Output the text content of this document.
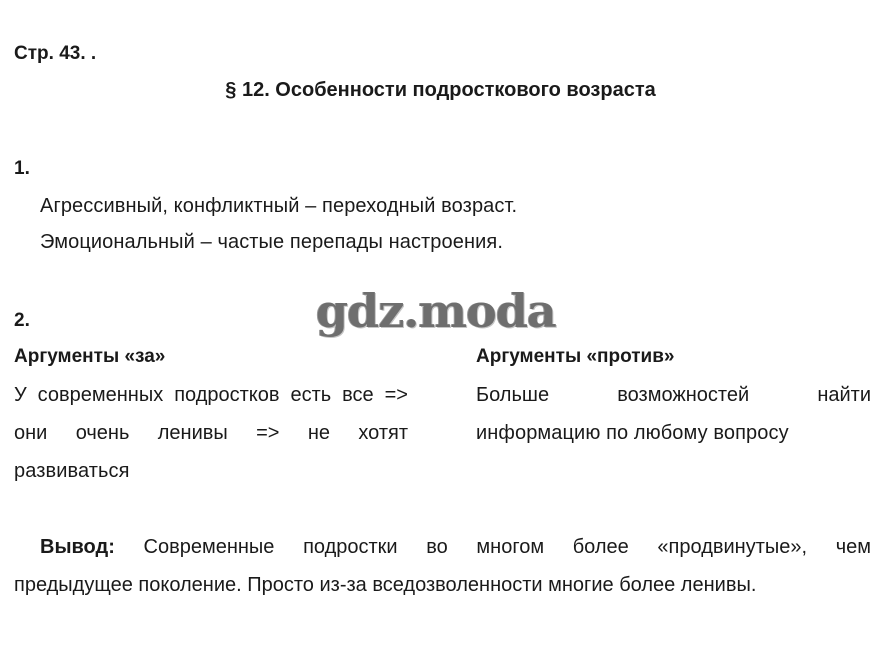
Стр. 43. .
§ 12. Особенности подросткового возраста
1.
Агрессивный, конфликтный – переходный возраст.
Эмоциональный – частые перепады настроения.
gdz.moda
2.
Аргументы «за»	Аргументы «против»
У современных подростков есть все =>
они очень ленивы => не хотят
развиваться
Больше возможностей найти
информацию по любому вопросу
Вывод: Современные подростки во многом более «продвинутые», чем
предыдущее поколение. Просто из-за вседозволенности многие более ленивы.
